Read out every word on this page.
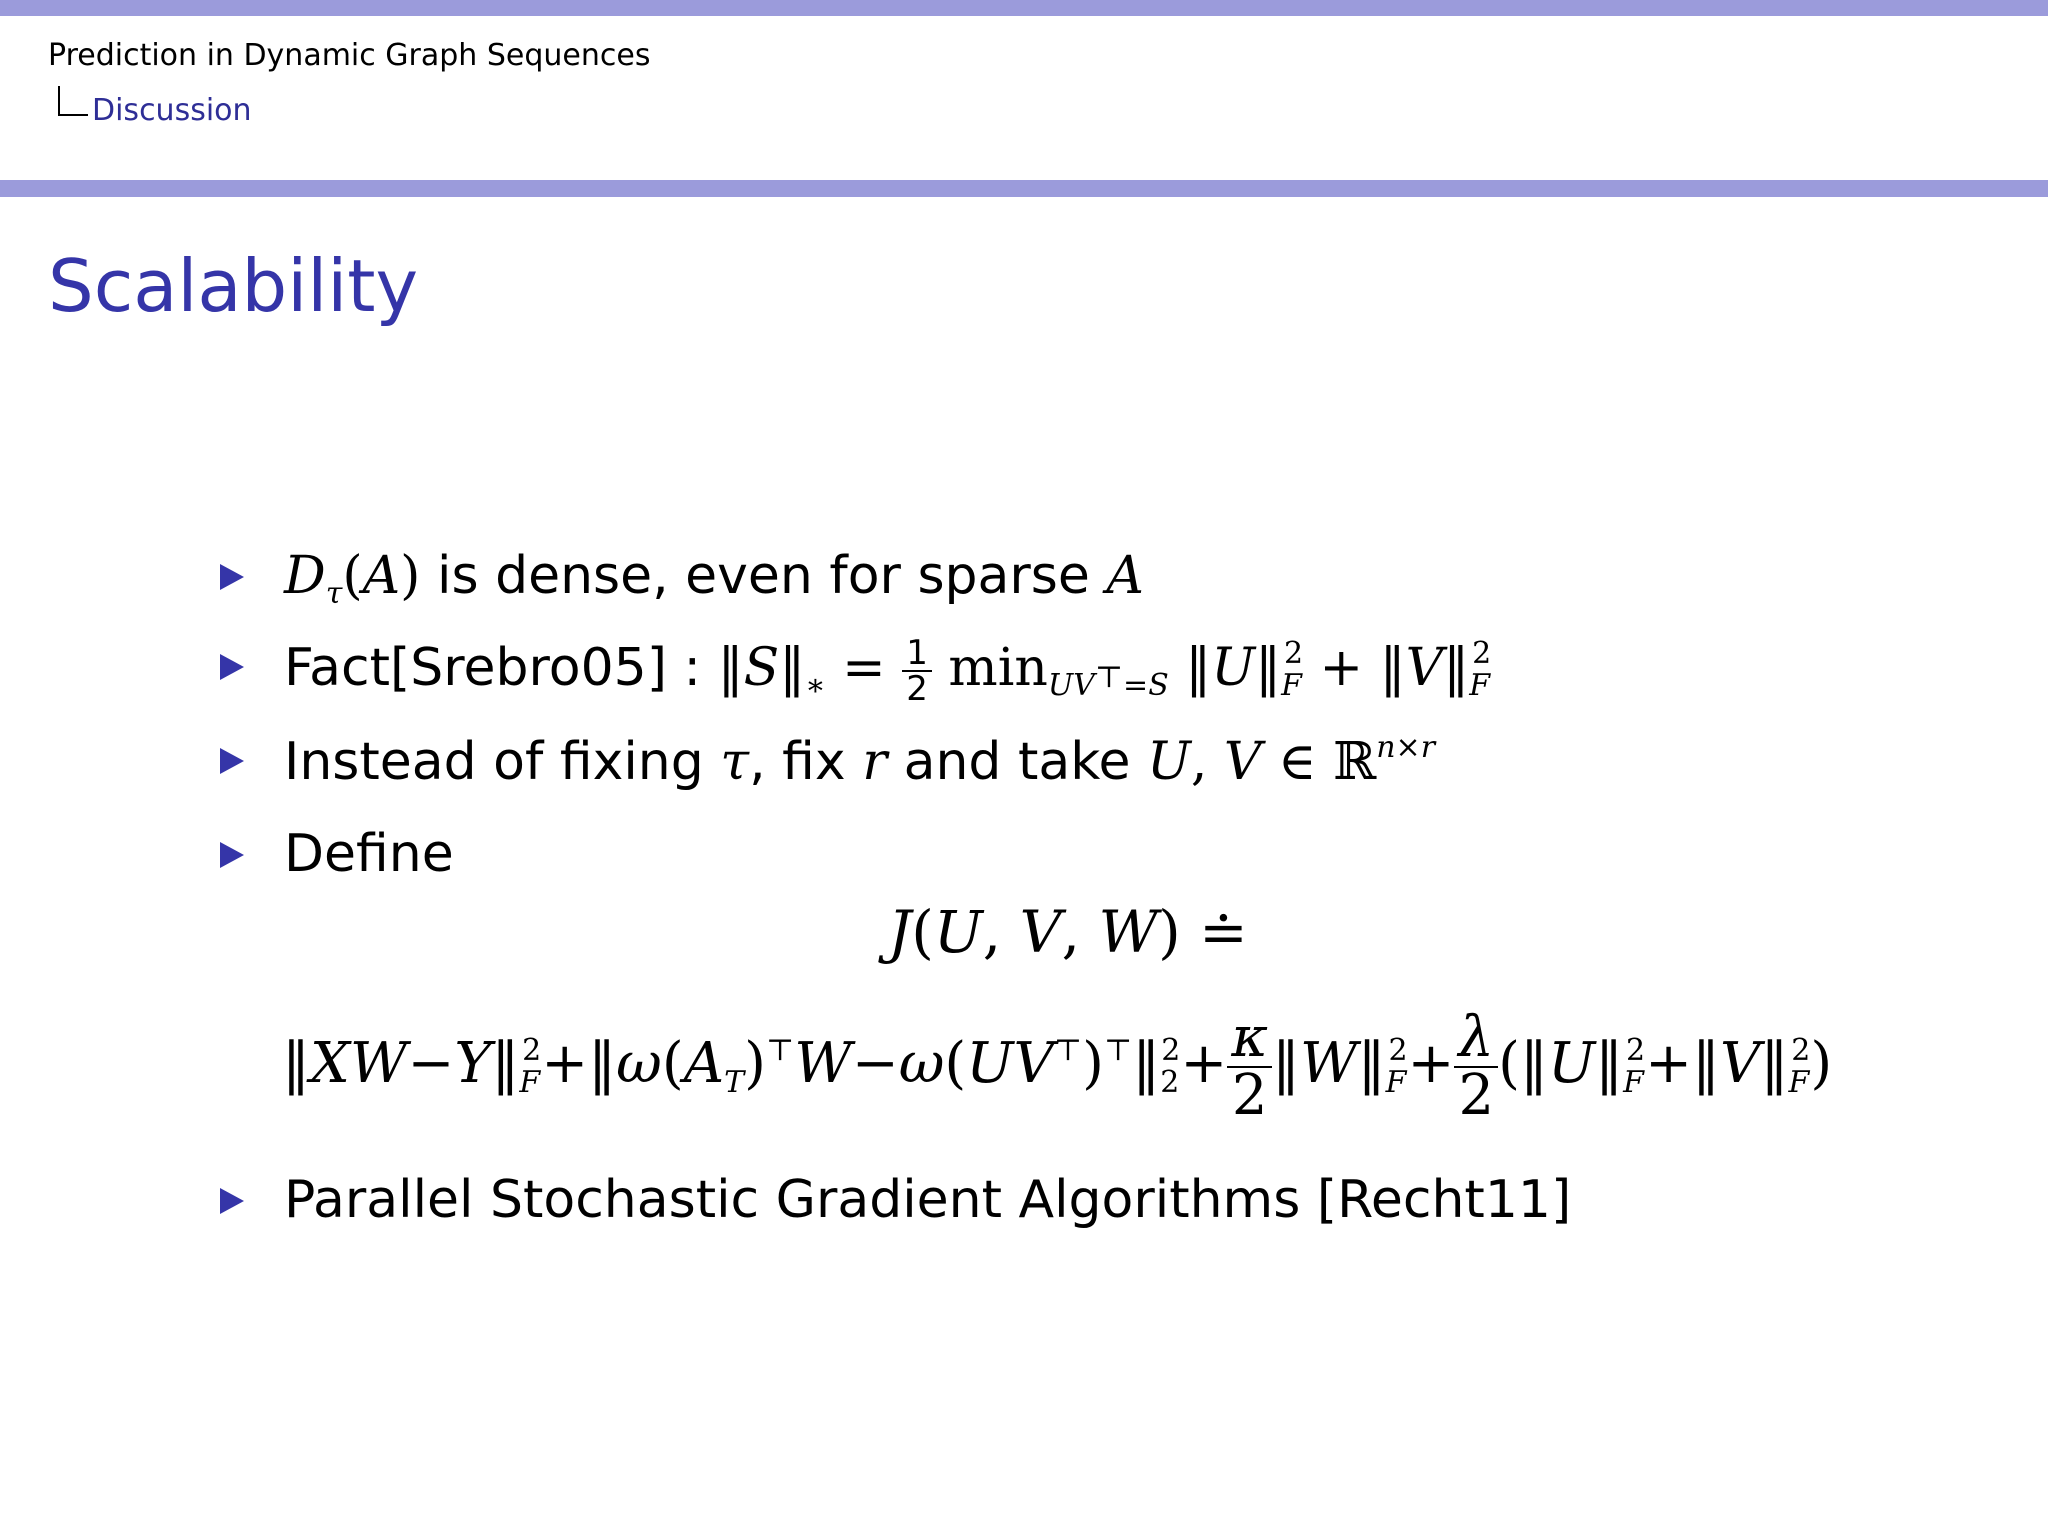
Prediction in Dynamic Graph Sequences
Discussion
Scalability
$D_\tau(A)$ is dense, even for sparse A
Fact[Srebro05] : $‖S‖_∗ = \frac{1}{2}$ $\min_{UV}⊤_{=S}$ $‖U‖_F^2$ + $‖V‖_F^2$
Instead of fixing τ, fix r and take U, V ∈ ℝ$^{n\times r}$
Define
J(U, V, W) ≐
$‖XW-Y‖_F^2+‖\omega(A_T)^⊤W-\omega(UV^⊤)^⊤‖_2^2+ \frac{\kappa}{2}$ $‖W‖_F^2+ \frac{\lambda}{2}$ $(‖U‖_F^2+‖V‖_F^2)$
Parallel Stochastic Gradient Algorithms [Recht11]
